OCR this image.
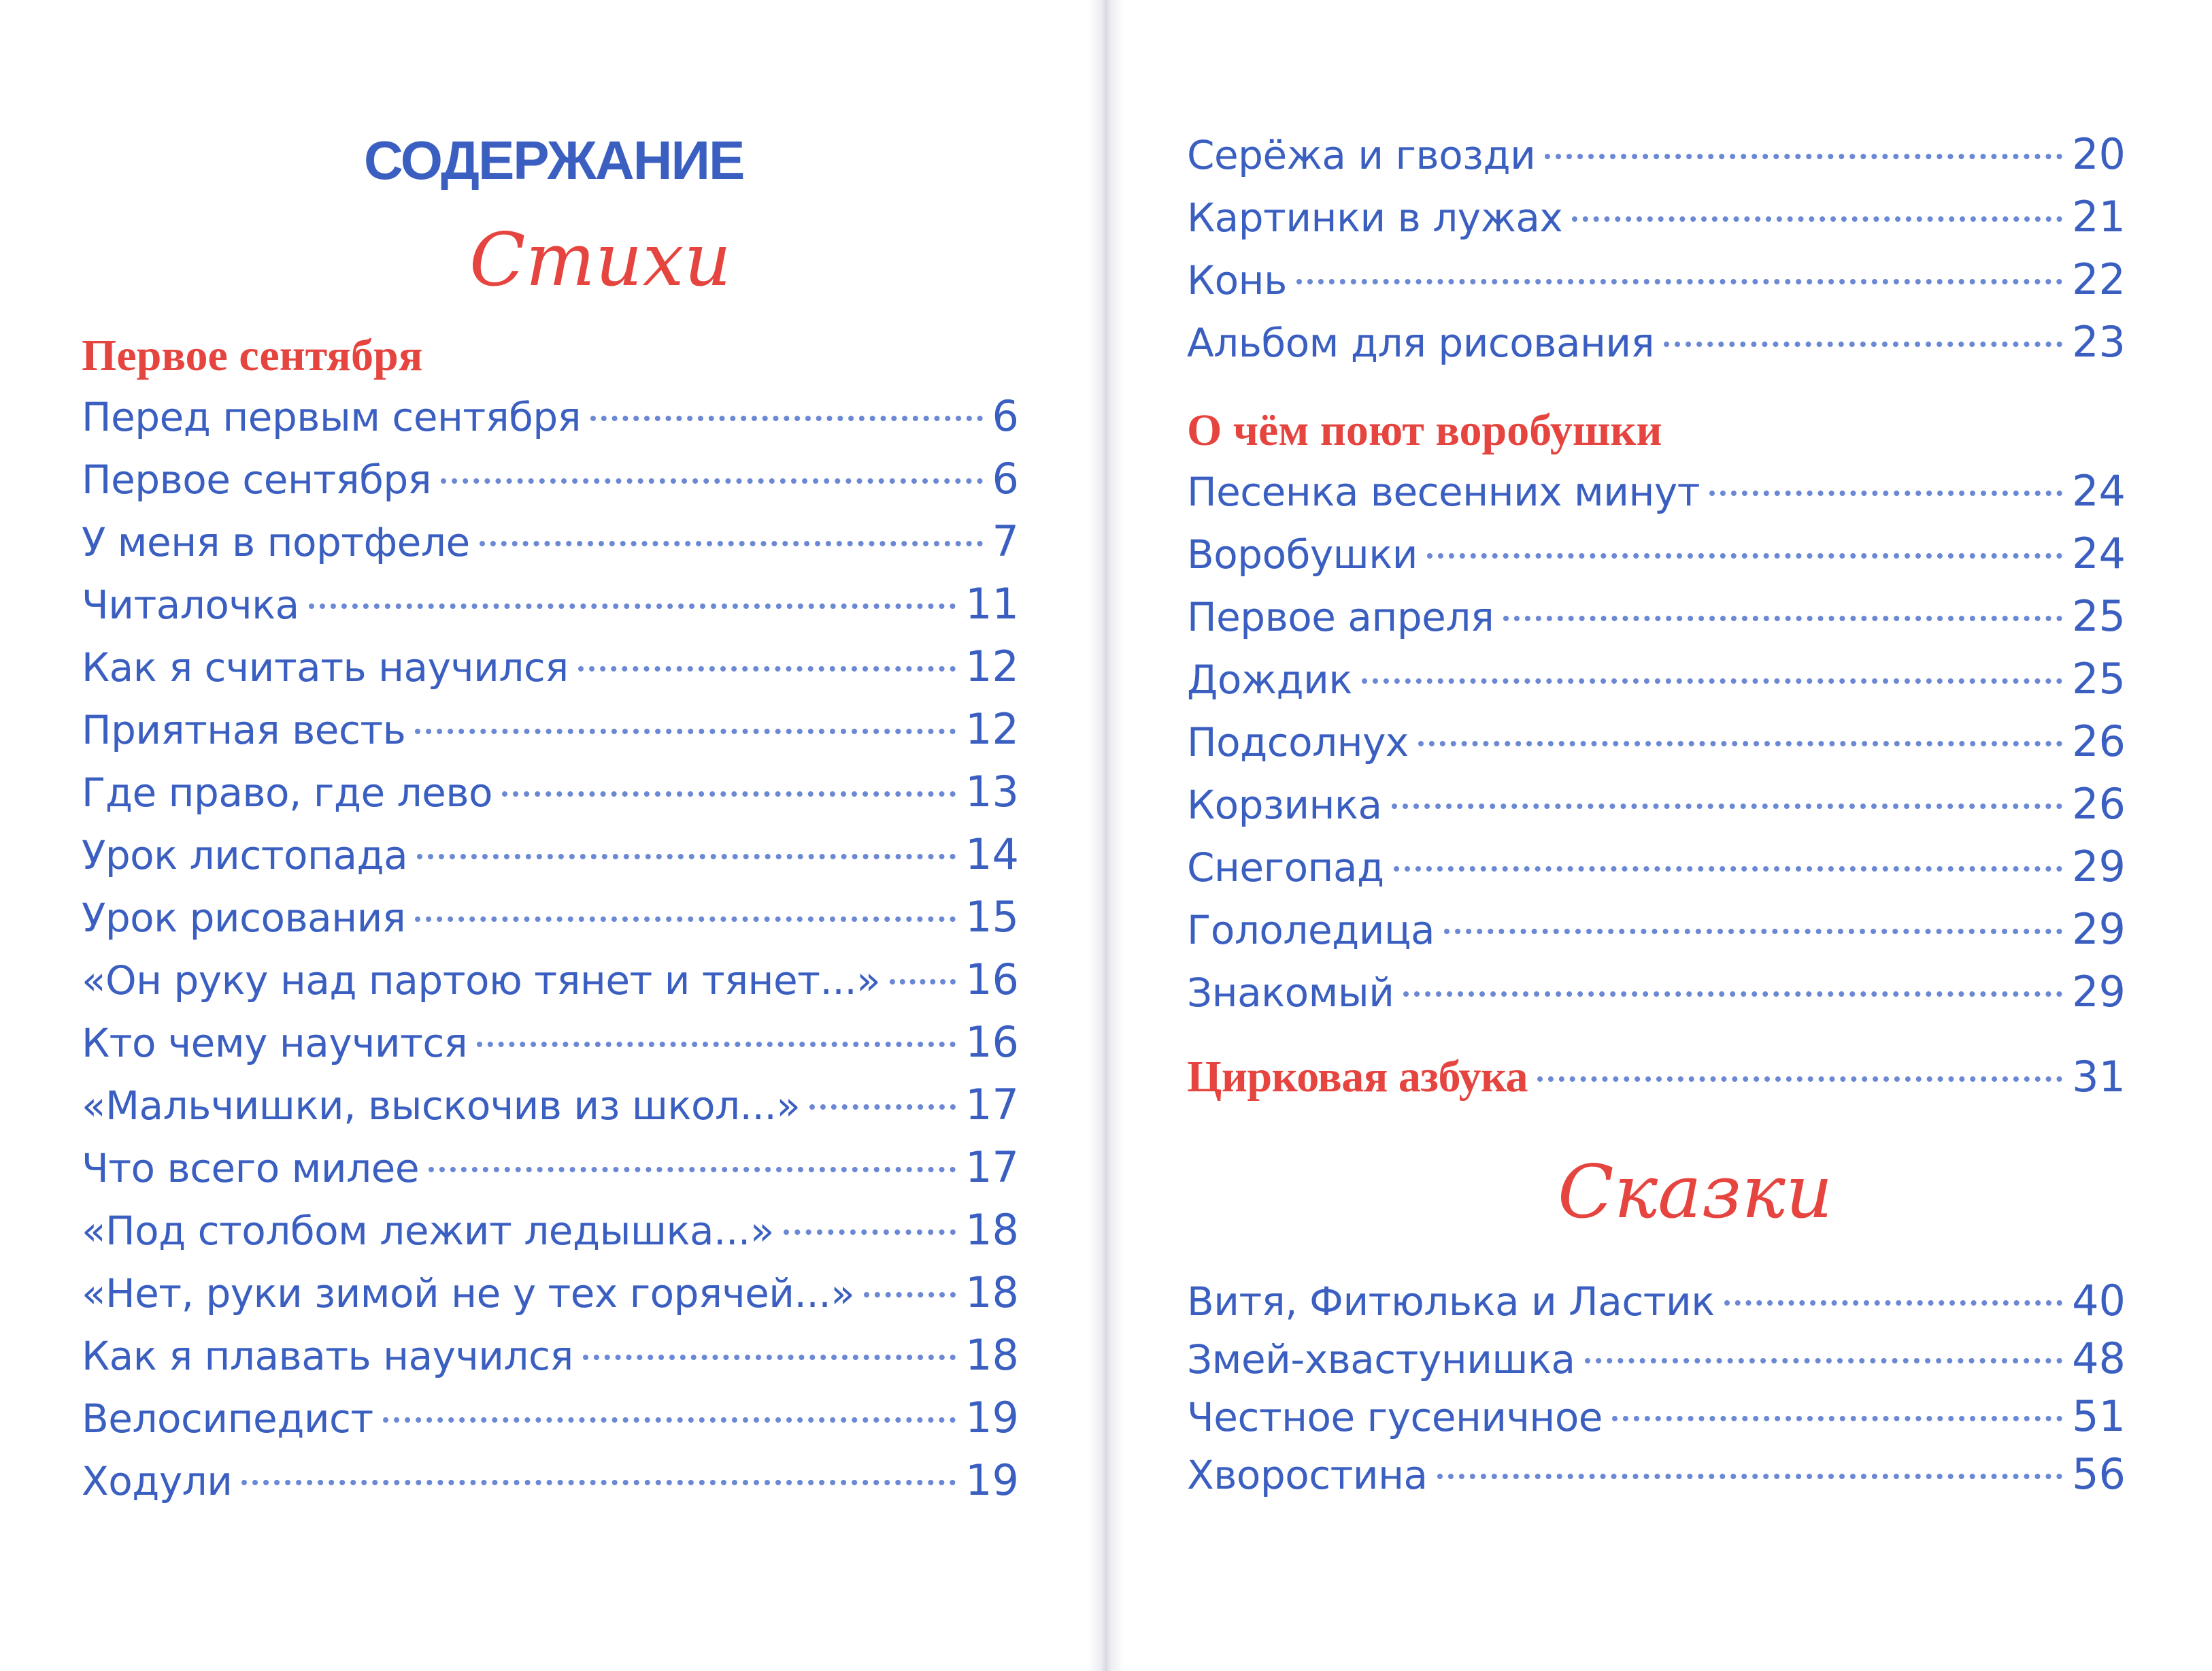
СОДЕРЖАНИЕ
Стихи
Первое сентября
Перед первым сентября	6
Первое сентября	6
У меня в портфеле	7
Читалочка	11
Как я считать научился	12
Приятная весть	12
Где право, где лево	13
Урок листопада	14
Урок рисования	15
«Он руку над партою тянет и тянет...» 16
Кто чему научится	16
«Мальчишки, выскочив из школ...»	17
Что всего милее	17
«Под столбом лежит ледышка...»	18
«Нет, руки зимой не у тех горячей...»	18
Как я плавать научился	18
Велосипедист	19
Ходули	19
Серёжа и гвозди	20
Картинки в лужах	21
Конь	22
Альбом для рисования	23
О чём поют воробушки
Песенка весенних минут	24
Воробушки	24
Первое апреля	25
Дождик	25
Подсолнух	26
Корзинка	26
Снегопад	29
Гололедица	29
Знакомый	29
Цирковая азбука	31
Сказки
Витя, Фитюлька и Ластик	40
Змей-хвастунишка	48
Честное гусеничное	51
Хворостина	56
